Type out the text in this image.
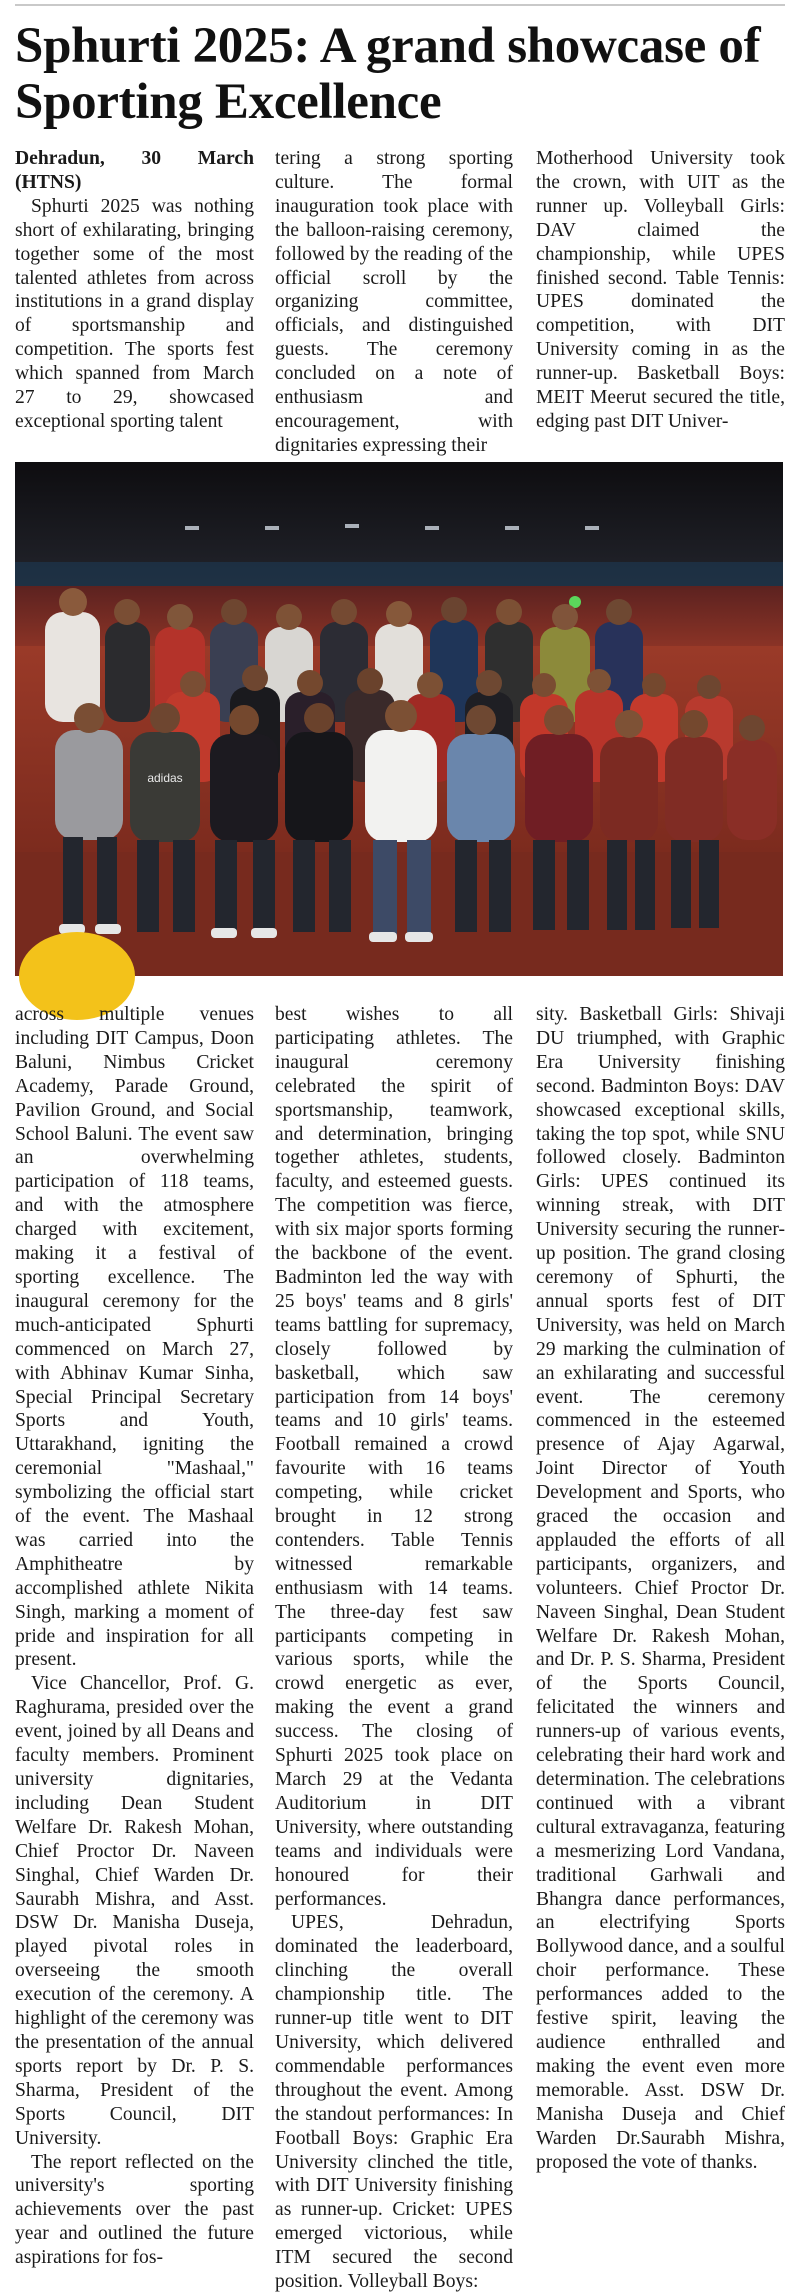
Sphurti 2025: A grand showcase of Sporting Excellence

Dehradun, 30 March (HTNS)

Sphurti 2025 was nothing short of exhilarating, bringing together some of the most talented athletes from across institutions in a grand display of sportsmanship and competition. The sports fest which spanned from March 27 to 29, showcased exceptional sporting talent

tering a strong sporting culture. The formal inauguration took place with the balloon-raising ceremony, followed by the reading of the official scroll by the organizing committee, officials, and distinguished guests. The ceremony concluded on a note of enthusiasm and encouragement, with dignitaries expressing their

Motherhood University took the crown, with UIT as the runner up. Volleyball Girls: DAV claimed the championship, while UPES finished second. Table Tennis: UPES dominated the competition, with DIT University coming in as the runner-up. Basketball Boys: MEIT Meerut secured the title, edging past DIT Univer-

adidas

across multiple venues including DIT Campus, Doon Baluni, Nimbus Cricket Academy, Parade Ground, Pavilion Ground, and Social School Baluni. The event saw an overwhelming participation of 118 teams, and with the atmosphere charged with excitement, making it a festival of sporting excellence. The inaugural ceremony for the much-anticipated Sphurti commenced on March 27, with Abhinav Kumar Sinha, Special Principal Secretary Sports and Youth, Uttarakhand, igniting the ceremonial "Mashaal," symbolizing the official start of the event. The Mashaal was carried into the Amphitheatre by accomplished athlete Nikita Singh, marking a moment of pride and inspiration for all present.

Vice Chancellor, Prof. G. Raghurama, presided over the event, joined by all Deans and faculty members. Prominent university dignitaries, including Dean Student Welfare Dr. Rakesh Mohan, Chief Proctor Dr. Naveen Singhal, Chief Warden Dr. Saurabh Mishra, and Asst. DSW Dr. Manisha Duseja, played pivotal roles in overseeing the smooth execution of the ceremony. A highlight of the ceremony was the presentation of the annual sports report by Dr. P. S. Sharma, President of the Sports Council, DIT University.

The report reflected on the university's sporting achievements over the past year and outlined the future aspirations for fos-

best wishes to all participating athletes. The inaugural ceremony celebrated the spirit of sportsmanship, teamwork, and determination, bringing together athletes, students, faculty, and esteemed guests. The competition was fierce, with six major sports forming the backbone of the event. Badminton led the way with 25 boys' teams and 8 girls' teams battling for supremacy, closely followed by basketball, which saw participation from 14 boys' teams and 10 girls' teams. Football remained a crowd favourite with 16 teams competing, while cricket brought in 12 strong contenders. Table Tennis witnessed remarkable enthusiasm with 14 teams. The three-day fest saw participants competing in various sports, while the crowd energetic as ever, making the event a grand success. The closing of Sphurti 2025 took place on March 29 at the Vedanta Auditorium in DIT University, where outstanding teams and individuals were honoured for their performances.

UPES, Dehradun, dominated the leaderboard, clinching the overall championship title. The runner-up title went to DIT University, which delivered commendable performances throughout the event. Among the standout performances: In Football Boys: Graphic Era University clinched the title, with DIT University finishing as runner-up. Cricket: UPES emerged victorious, while ITM secured the second position. Volleyball Boys:

sity. Basketball Girls: Shivaji DU triumphed, with Graphic Era University finishing second. Badminton Boys: DAV showcased exceptional skills, taking the top spot, while SNU followed closely. Badminton Girls: UPES continued its winning streak, with DIT University securing the runner-up position. The grand closing ceremony of Sphurti, the annual sports fest of DIT University, was held on March 29 marking the culmination of an exhilarating and successful event. The ceremony commenced in the esteemed presence of Ajay Agarwal, Joint Director of Youth Development and Sports, who graced the occasion and applauded the efforts of all participants, organizers, and volunteers. Chief Proctor Dr. Naveen Singhal, Dean Student Welfare Dr. Rakesh Mohan, and Dr. P. S. Sharma, President of the Sports Council, felicitated the winners and runners-up of various events, celebrating their hard work and determination. The celebrations continued with a vibrant cultural extravaganza, featuring a mesmerizing Lord Vandana, traditional Garhwali and Bhangra dance performances, an electrifying Sports Bollywood dance, and a soulful choir performance. These performances added to the festive spirit, leaving the audience enthralled and making the event even more memorable. Asst. DSW Dr. Manisha Duseja and Chief Warden Dr.Saurabh Mishra, proposed the vote of thanks.
